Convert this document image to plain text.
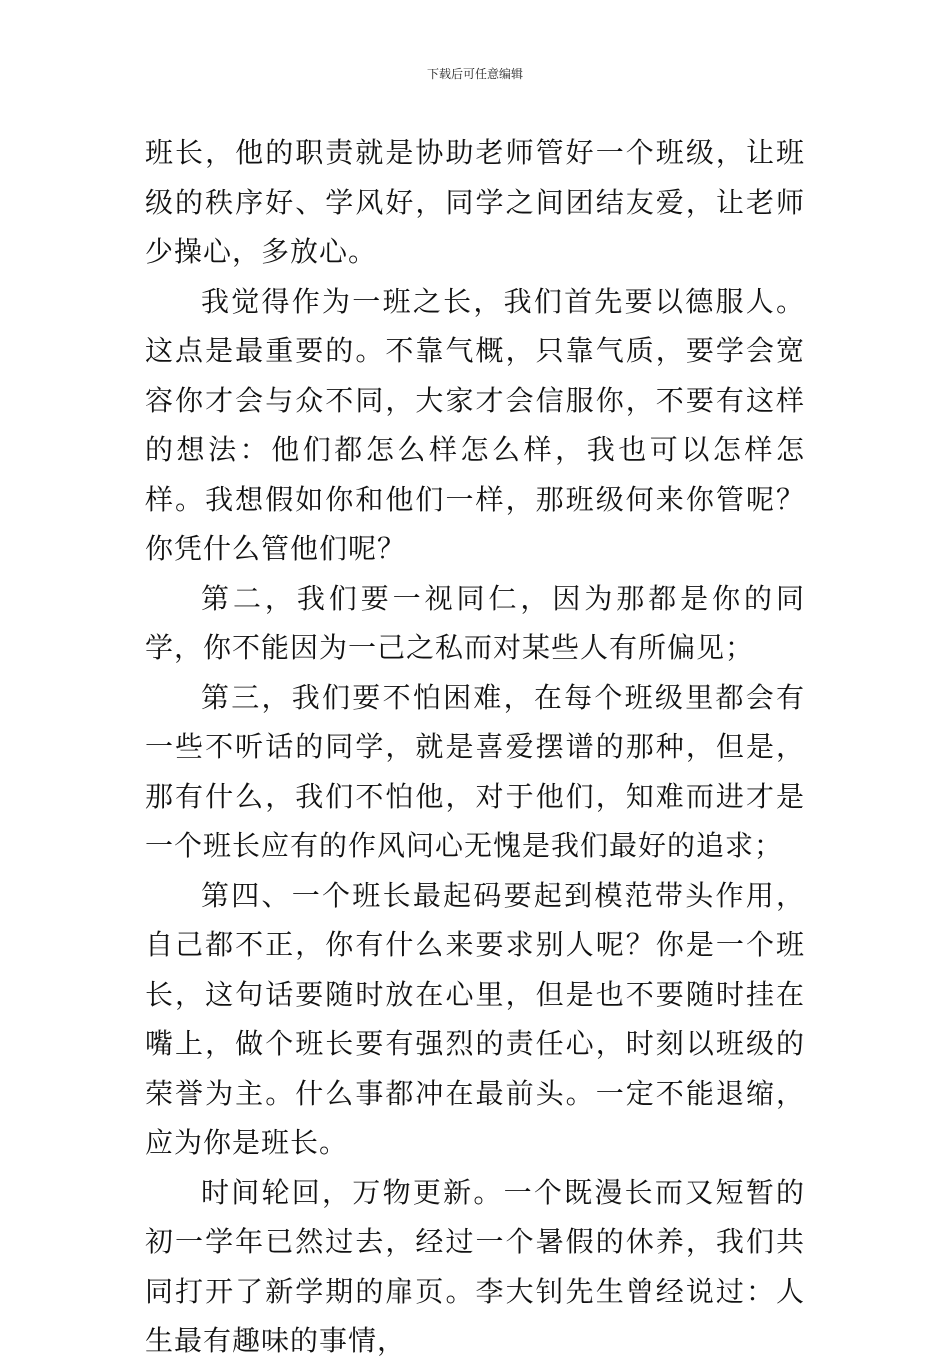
下载后可任意编辑

班长，他的职责就是协助老师管好一个班级，让班级的秩序好、学风好，同学之间团结友爱，让老师少操心，多放心。

我觉得作为一班之长，我们首先要以德服人。这点是最重要的。不靠气概，只靠气质，要学会宽容你才会与众不同，大家才会信服你，不要有这样的想法：他们都怎么样怎么样，我也可以怎样怎样。我想假如你和他们一样，那班级何来你管呢？你凭什么管他们呢？

第二，我们要一视同仁，因为那都是你的同学，你不能因为一己之私而对某些人有所偏见；

第三，我们要不怕困难，在每个班级里都会有一些不听话的同学，就是喜爱摆谱的那种，但是，那有什么，我们不怕他，对于他们，知难而进才是一个班长应有的作风问心无愧是我们最好的追求；

第四、一个班长最起码要起到模范带头作用，自己都不正，你有什么来要求别人呢？你是一个班长，这句话要随时放在心里，但是也不要随时挂在嘴上，做个班长要有强烈的责任心，时刻以班级的荣誉为主。什么事都冲在最前头。一定不能退缩，应为你是班长。

时间轮回，万物更新。一个既漫长而又短暂的初一学年已然过去，经过一个暑假的休养，我们共同打开了新学期的扉页。李大钊先生曾经说过：人生最有趣味的事情，
